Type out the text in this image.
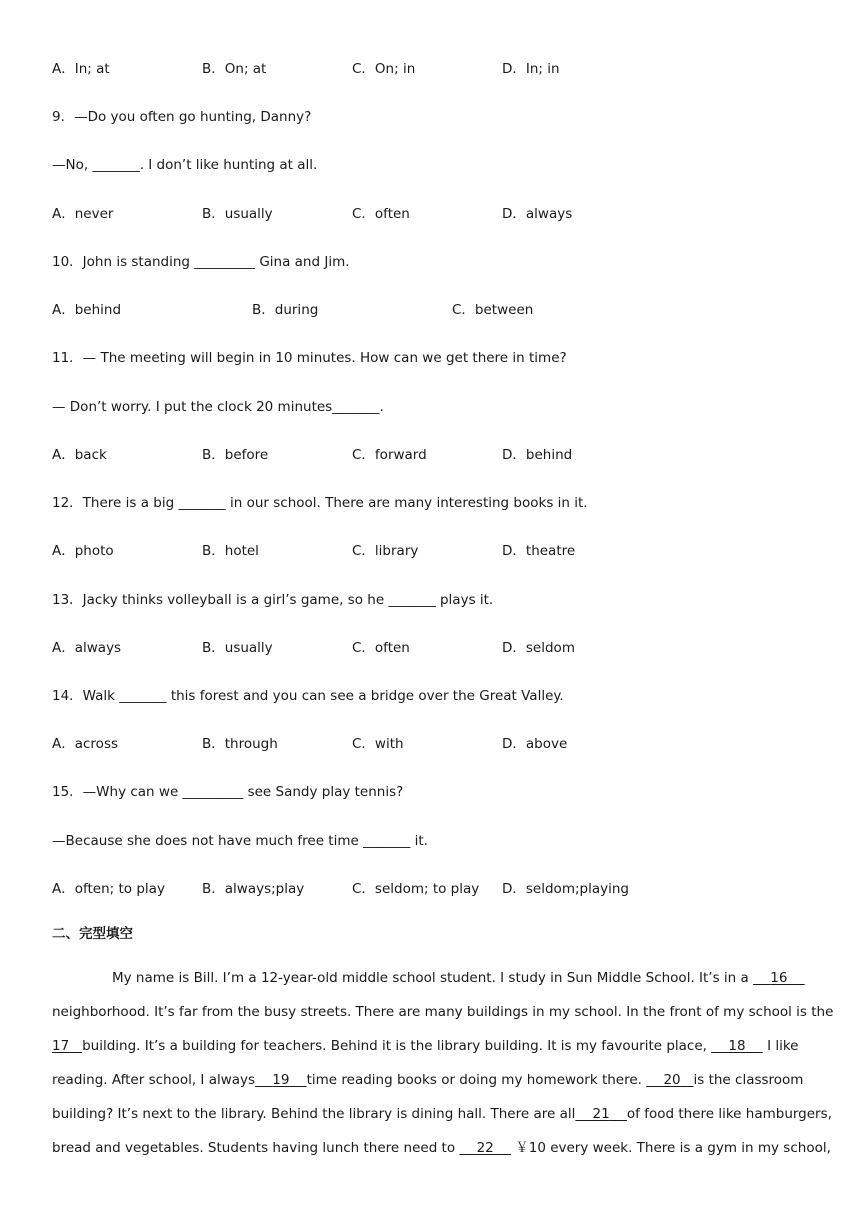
A．In; at	B．On; at	C．On; in	D．In; in
9．—Do you often go hunting, Danny?
—No, _______. I don’t like hunting at all.
A．never	B．usually	C．often	D．always
10．John is standing _________ Gina and Jim.
A．behind	B．during	C．between
11．— The meeting will begin in 10 minutes. How can we get there in time?
— Don’t worry. I put the clock 20 minutes_______.
A．back	B．before	C．forward	D．behind
12．There is a big _______ in our school. There are many interesting books in it.
A．photo	B．hotel	C．library	D．theatre
13．Jacky thinks volleyball is a girl’s game, so he _______ plays it.
A．always	B．usually	C．often	D．seldom
14．Walk _______ this forest and you can see a bridge over the Great Valley.
A．across	B．through	C．with	D．above
15．—Why can we _________ see Sandy play tennis?
—Because she does not have much free time _______ it.
A．often; to play	B．always;play	C．seldom; to play D．seldom;playing
二、完型填空
My name is Bill. I’m a 12-year-old middle school student. I study in Sun Middle School. It’s in a     16
neighborhood. It’s far from the busy streets. There are many buildings in my school. In the front of my school is the
17 building. It’s a building for teachers. Behind it is the library building. It is my favourite place,     18     I like
reading. After school, I always 19 time reading books or doing my homework there.     20 is the classroom
building? It’s next to the library. Behind the library is dining hall. There are all 21 of food there like hamburgers,
bread and vegetables. Students having lunch there need to     22     ￥10 every week. There is a gym in my school,
